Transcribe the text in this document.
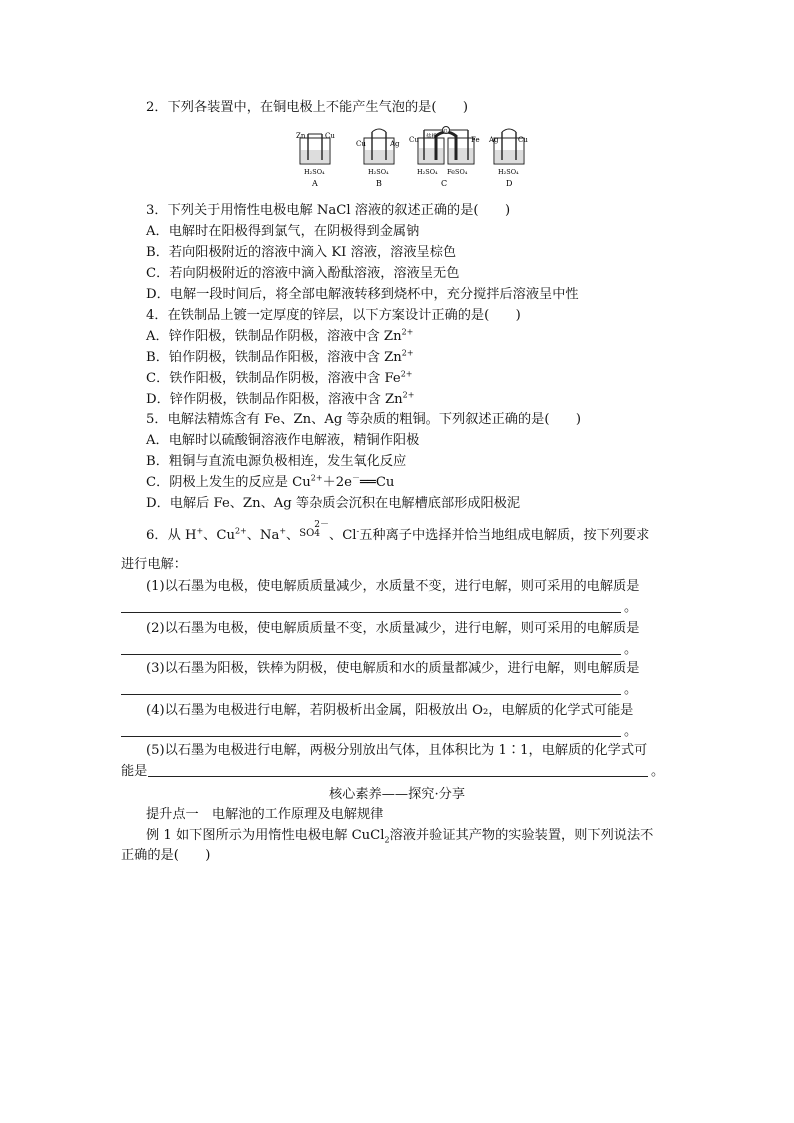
2．下列各装置中，在铜电极上不能产生气泡的是(　　)
Zn	Cu
H₂SO₄
A
Cu	Ag
H₂SO₄
B
G
盐桥
Cu	Fe
H₂SO₄ FeSO₄
C
Ag	Cu
H₂SO₄
D
3．下列关于用惰性电极电解 NaCl 溶液的叙述正确的是(　　)
A．电解时在阳极得到氯气，在阴极得到金属钠
B．若向阳极附近的溶液中滴入 KI 溶液，溶液呈棕色
C．若向阴极附近的溶液中滴入酚酞溶液，溶液呈无色
D．电解一段时间后，将全部电解液转移到烧杯中，充分搅拌后溶液呈中性
4．在铁制品上镀一定厚度的锌层，以下方案设计正确的是(　　)
A．锌作阳极，铁制品作阴极，溶液中含 $Zn^{2+}$
B．铂作阴极，铁制品作阳极，溶液中含 $Zn^{2+}$
C．铁作阳极，铁制品作阴极，溶液中含 $Fe^{2+}$
D．锌作阴极，铁制品作阳极，溶液中含 $Zn^{2+}$
5．电解法精炼含有 Fe、Zn、Ag 等杂质的粗铜。下列叙述正确的是(　　)
A．电解时以硫酸铜溶液作电解液，精铜作阳极
B．粗铜与直流电源负极相连，发生氧化反应
C．阴极上发生的反应是 $Cu^{2+}+2e^-══Cu$
D．电解后 Fe、Zn、Ag 等杂质会沉积在电解槽底部形成阳极泥
6．从 H+、$Cu^{2+}$、Na+、$^{SO 2- 4}$ 、Cl-五种离子中选择并恰当地组成电解质，按下列要求
进行电解：
(1)以石墨为电极，使电解质质量减少，水质量不变，进行电解，则可采用的电解质是
。
(2)以石墨为电极，使电解质质量不变，水质量减少，进行电解，则可采用的电解质是
。
(3)以石墨为阳极，铁棒为阴极，使电解质和水的质量都减少，进行电解，则电解质是
。
(4)以石墨为电极进行电解，若阴极析出金属，阳极放出 O₂，电解质的化学式可能是
。
(5)以石墨为电极进行电解，两极分别放出气体，且体积比为 1∶1，电解质的化学式可
能是	。
核心素养——探究·分享
提升点一　电解池的工作原理及电解规律
例 1 如下图所示为用惰性电极电解 CuCl$_2$溶液并验证其产物的实验装置，则下列说法不
正确的是(　　)
